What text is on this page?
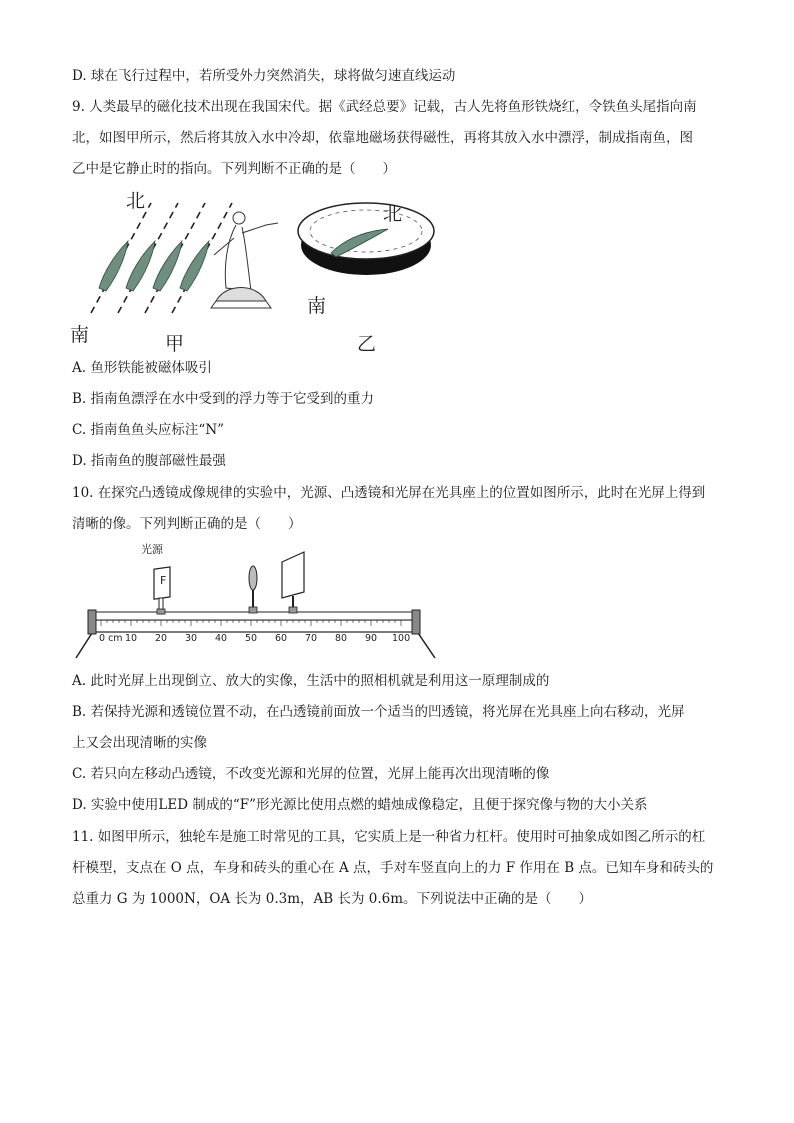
D. 球在飞行过程中，若所受外力突然消失，球将做匀速直线运动
9. 人类最早的磁化技术出现在我国宋代。据《武经总要》记载，古人先将鱼形铁烧红，令铁鱼头尾指向南
北，如图甲所示，然后将其放入水中冷却，依靠地磁场获得磁性，再将其放入水中漂浮，制成指南鱼，图
乙中是它静止时的指向。下列判断不正确的是（　　）
北
南	甲
北
南
乙
A. 鱼形铁能被磁体吸引
B. 指南鱼漂浮在水中受到的浮力等于它受到的重力
C. 指南鱼鱼头应标注“N”
D. 指南鱼的腹部磁性最强
10. 在探究凸透镜成像规律的实验中，光源、凸透镜和光屏在光具座上的位置如图所示，此时在光屏上得到
清晰的像。下列判断正确的是（　　）
光源
F
0 cm 10 20 30 40 50 60 70 80 90 100
A. 此时光屏上出现倒立、放大的实像，生活中的照相机就是利用这一原理制成的
B. 若保持光源和透镜位置不动，在凸透镜前面放一个适当的凹透镜，将光屏在光具座上向右移动，光屏
上又会出现清晰的实像
C. 若只向左移动凸透镜，不改变光源和光屏的位置，光屏上能再次出现清晰的像
D. 实验中使用LED 制成的“F”形光源比使用点燃的蜡烛成像稳定，且便于探究像与物的大小关系
11. 如图甲所示，独轮车是施工时常见的工具，它实质上是一种省力杠杆。使用时可抽象成如图乙所示的杠
杆模型，支点在 O 点，车身和砖头的重心在 A 点，手对车竖直向上的力 F 作用在 B 点。已知车身和砖头的
总重力 G 为 1000N，OA 长为 0.3m，AB 长为 0.6m。下列说法中正确的是（　　）
